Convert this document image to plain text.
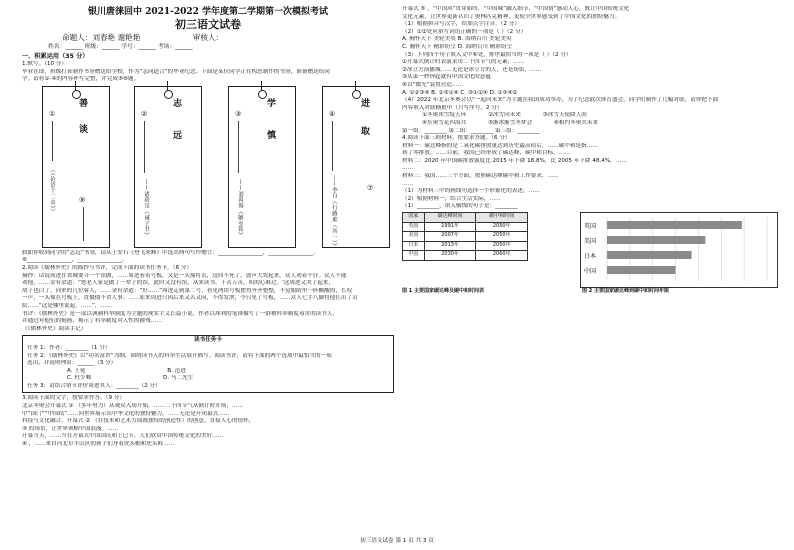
银川唐徕回中 2021-2022 学年度第二学期第一次模拟考试
初三语文试卷
命题人：刘春艳 谢艳艳	审核人：
姓名：______ 班级：______ 学号：______ 考场：______
一、积累运用（35 分）
1.默写。（10 分）
毕业在即，班级打算制作书签赠送给学校，作为“志同道合”的毕业纪念。下面是某位同学正在构思制作的书签，准备赠送给同
学。请将①-④的内容补写完整，并完成⑤⑥题。
善
谈
①
（《论语十二章》）	⑨
志
远
②
——
诸葛亮《诫子书》
学
慎
③
——
刘禹锡《陋室铭》
进
取
④
——
李白《行路难（其一）》	⑦
假如你收到同学的“志远”书签，请从王安石《登飞来峰》中选出两句写作赠言：________________，________________。
⑥________________，________________。
2.阅读《儒林外史》的描抄与书评，完成下面的读书任务卡。（6 分）
摘抄：话说周进在省城要寻一个馆做，……周进看着号板，又是一头撞将去，这回不死了，放声大哭起来。众人劝着不住。众人不能
劝他，……金有余道：“您老人家是做了一辈子的馆，此时又没有馆，从来读书，千苦万苦，积的心难过。'这周进又哭了起来，
胡子也白了，同来的几位客人，……金有余道：“好……”周进走到第二号，看见两块号板摆得齐齐整整，不觉眼睛里一阵酸酸的，长叹
一声，一头撞在号板上，直僵僵不省人事。……原来周进只因后来又苦又闷，不得发泄，今日见了号板，……众人七手八脚将他扛出了贡
院……“这是哪里说起，……”，……
书评：《儒林外史》是一部以讽刺科举制度为主题的现实主义长篇小说。作者以犀利的笔锋描写了一群被科举制度毒害的读书人，
并通过对他们的刻画，揭示了科举制度对人性的摧残……
（《儒林外史》阅读手记）
读书任务卡
任务 1：作者：________（1 分）
任务 2：《儒林外史》以“功名富贵”为纲，围绕读书人的科举生活展开描写。阅读书评，请将下面的两个选项中最恰当的一项
选出，并说明理由：______（3 分）
A. 王冕	B. 范进
C. 杜少卿	D. 马二先生
任务 3：请结合情节评价周进其人：________（2 分）
3.阅读下面的文字，按要求作答。（9 分）
北京冬奥会开幕式 ① （多年努力）从观众入场开始，……二十四节气从倒计时开场，……
中“国门”“中国结”……向世界展示出中华文化的独特魅力。……无论是开闭幕式……
科技与文化融合，开幕式 ② （在技术和艺术方面都独特的创造性）的创意，直接人心的情怀，
③ 的场景，让世界领略中国浪漫。……
开幕当天，……当在开幕式中国国庆和上巳节，人们欣赏中国传统文化的美好……
④ ，……来自河北阜平山区的孩子们身着虎头帽和虎头鞋……
开幕式 ⑤ ，“中国风”贯穿始终，“中国味”融入细节，“中国情”感动人心，既让中国传统文化
文化元素，让世界更新认识了奥林匹克精神，更使全世界感受到了中国文化的独特魅力。
（1）根据拼音写汉字，给加点字注音。（2 分）
（2）①②处应填写词语正确的一项是（ ）（2 分）
A. 胸怀天下 美轮美奂 B. 海纳百川 美轮美奂
C. 胸怀天下 精彩纷呈 D. 海纳百川 精彩纷呈
（3）下列四个句子填入文中⑥处，排序最恰当的一项是（ ）（2 分）
①开幕式倒计时表演采用二十四节气的元素，……
②冰立方演播城……无论是冰立方的人，还是场馆，……
③从第一秒钟起就有中国文化的意蕴
④以“微光”装置营造……
A. ①②③④ B. ②③①④ C. ③①②④ D. ①③④②
（4）2022 年北京冬奥会以“一起向未来”为主题在我国成功举办，为了纪念此次体育盛会，同学们制作了几幅对联，请你把下面
内容填入对联横批中（只写序号，2 分）
①冬奥冰雪绽五环	②冰雪向未来	③冰雪天使降人间
④东奥雪花四海共	⑤渐冰渐雪冬梦会	⑥相约冬奥共未来
第一组：________ 第二组：________ 第三组：________
4.阅读下面三则材料，按要求答题。（6 分）
材料一：碳达峰指的是二氧化碳排放量达到历史最高值后，……碳中和是指……
到了零排放。……目前，我国已经形成了碳达峰、碳中和目标，……
材料二：2020 年中国碳排放强度比 2015 年下降 18.8%，比 2005 年下降 48.4%，……
……
材料三：我国……三个方面，按照碳达峰碳中和工作要求，……
……
（1）为材料三中的画线句选择一个形象化的表述，……
（2）根据材料一，结合生活实际，……
（1）________，填入横线的句子是：________
国家	碳达峰时间	碳中和时间
英国	1991年	2050年
美国	2007年	2050年
日本	2013年	2050年
中国	2030年	2060年
图 1 主要国家碳达峰及碳中和时间表
英国
美国
日本
中国
图 2 主要国家碳达峰到碳中和时间年限
初三语文试卷 第 1 页 共 3 页
